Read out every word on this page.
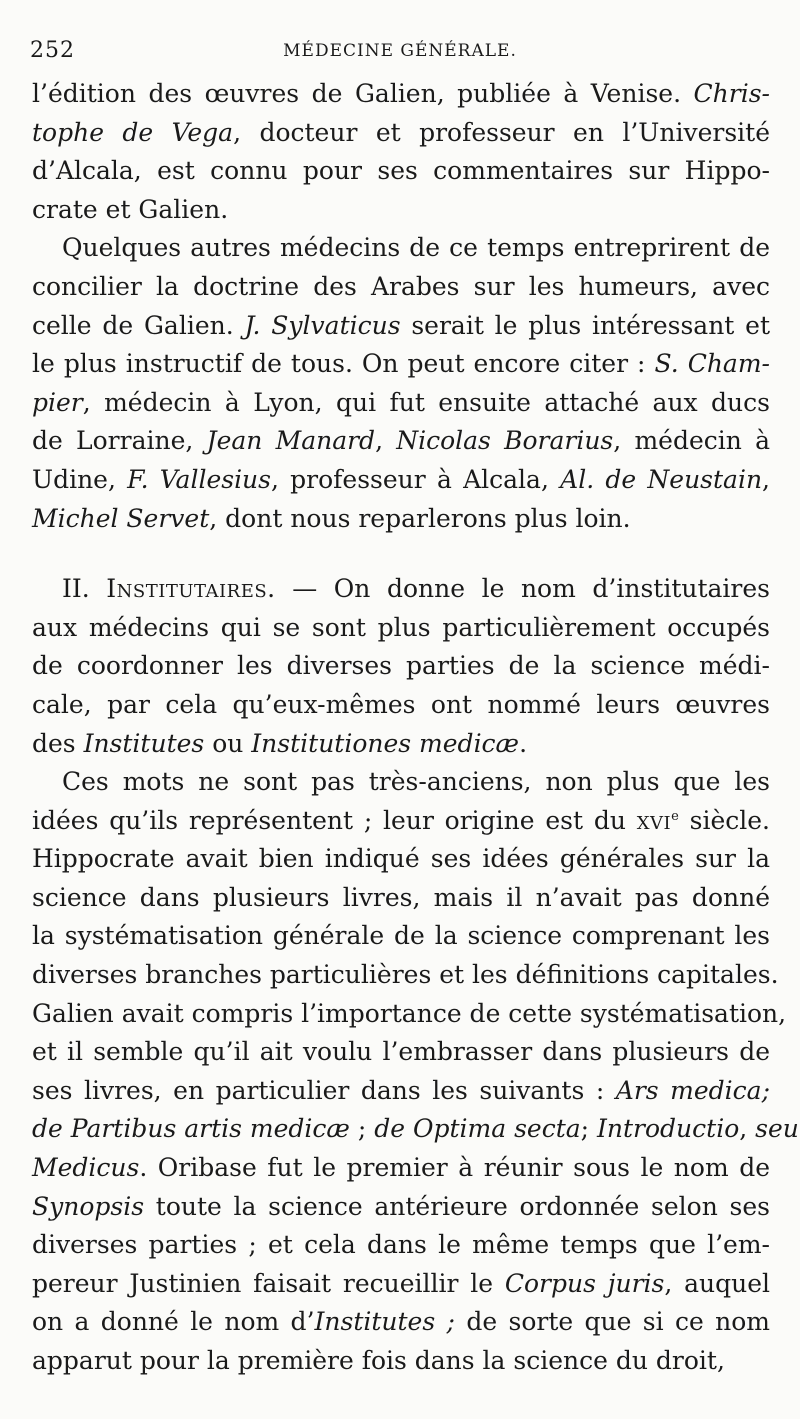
252	MÉDECINE GÉNÉRALE.
l’édition des œuvres de Galien, publiée à Venise. Chris-
tophe de Vega, docteur et professeur en l’Université
d’Alcala, est connu pour ses commentaires sur Hippo-
crate et Galien.
Quelques autres médecins de ce temps entreprirent de
concilier la doctrine des Arabes sur les humeurs, avec
celle de Galien. J. Sylvaticus serait le plus intéressant et
le plus instructif de tous. On peut encore citer : S. Cham-
pier, médecin à Lyon, qui fut ensuite attaché aux ducs
de Lorraine, Jean Manard, Nicolas Borarius, médecin à
Udine, F. Vallesius, professeur à Alcala, Al. de Neustain,
Michel Servet, dont nous reparlerons plus loin.
II. Institutaires. — On donne le nom d’institutaires
aux médecins qui se sont plus particulièrement occupés
de coordonner les diverses parties de la science médi-
cale, par cela qu’eux-mêmes ont nommé leurs œuvres
des Institutes ou Institutiones medicæ.
Ces mots ne sont pas très-anciens, non plus que les
idées qu’ils représentent ; leur origine est du xvi$^e$ siècle.
Hippocrate avait bien indiqué ses idées générales sur la
science dans plusieurs livres, mais il n’avait pas donné
la systématisation générale de la science comprenant les
diverses branches particulières et les définitions capitales.
Galien avait compris l’importance de cette systématisation,
et il semble qu’il ait voulu l’embrasser dans plusieurs de
ses livres, en particulier dans les suivants : Ars medica;
de Partibus artis medicæ ; de Optima secta; Introductio, seu
Medicus. Oribase fut le premier à réunir sous le nom de
Synopsis toute la science antérieure ordonnée selon ses
diverses parties ; et cela dans le même temps que l’em-
pereur Justinien faisait recueillir le Corpus juris, auquel
on a donné le nom d’Institutes ; de sorte que si ce nom
apparut pour la première fois dans la science du droit,
